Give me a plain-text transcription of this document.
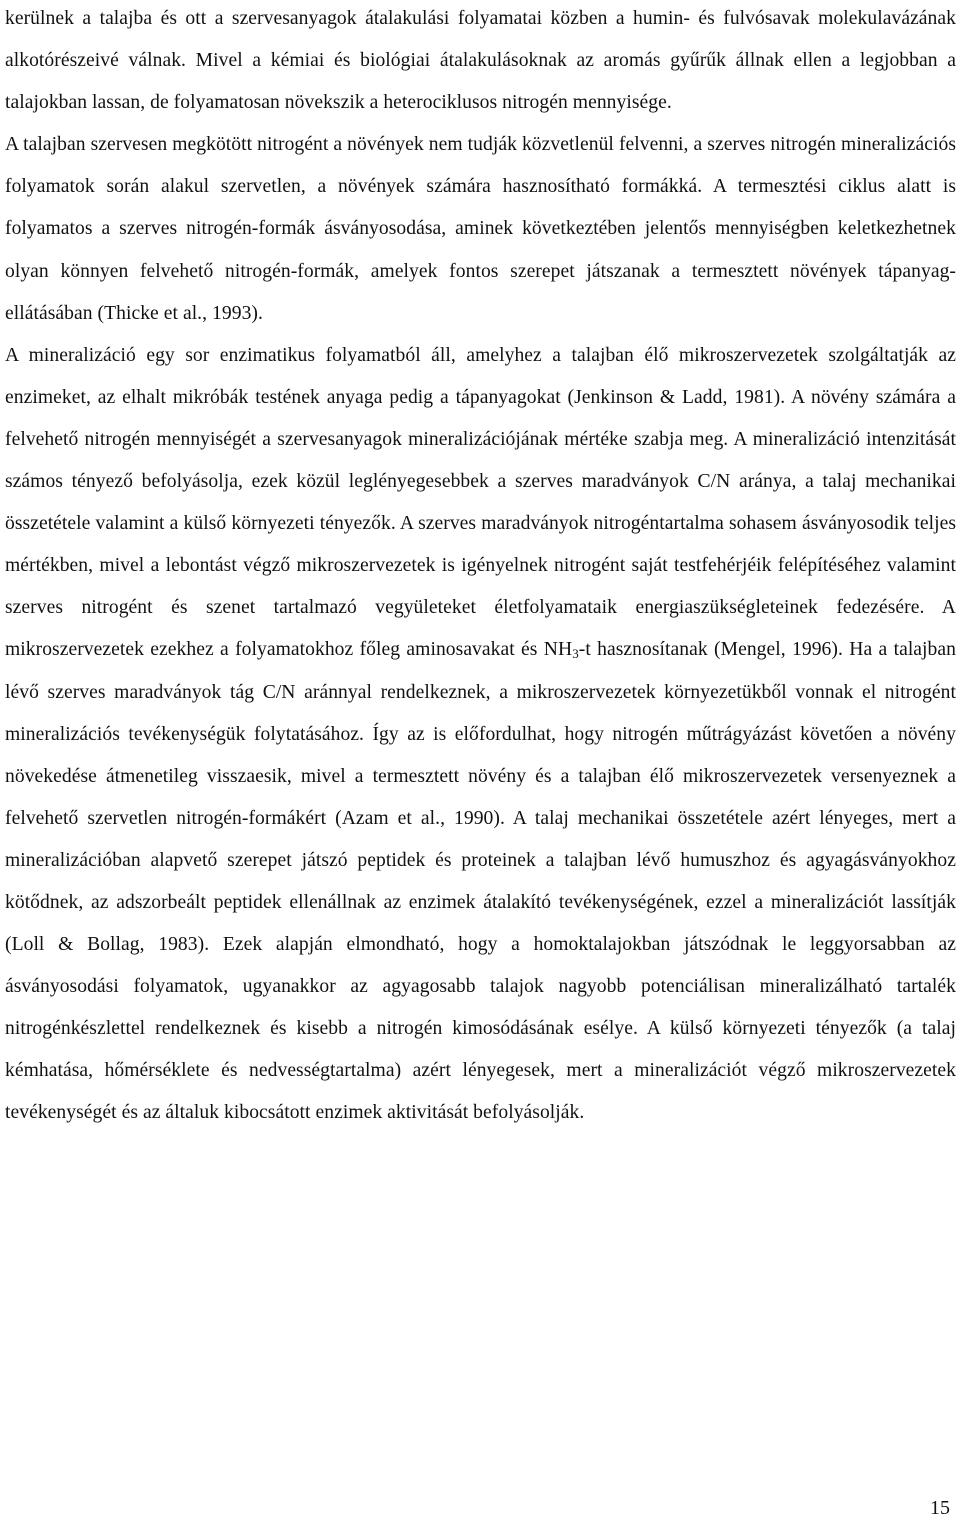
kerülnek a talajba és ott a szervesanyagok átalakulási folyamatai közben a humin- és fulvósavak molekulavázának alkotórészeivé válnak. Mivel a kémiai és biológiai átalakulásoknak az aromás gyűrűk állnak ellen a legjobban a talajokban lassan, de folyamatosan növekszik a heterociklusos nitrogén mennyisége.

A talajban szervesen megkötött nitrogént a növények nem tudják közvetlenül felvenni, a szerves nitrogén mineralizációs folyamatok során alakul szervetlen, a növények számára hasznosítható formákká. A termesztési ciklus alatt is folyamatos a szerves nitrogén-formák ásványosodása, aminek következtében jelentős mennyiségben keletkezhetnek olyan könnyen felvehető nitrogén-formák, amelyek fontos szerepet játszanak a termesztett növények tápanyag-ellátásában (Thicke et al., 1993).

A mineralizáció egy sor enzimatikus folyamatból áll, amelyhez a talajban élő mikroszervezetek szolgáltatják az enzimeket, az elhalt mikróbák testének anyaga pedig a tápanyagokat (Jenkinson & Ladd, 1981). A növény számára a felvehető nitrogén mennyiségét a szervesanyagok mineralizációjának mértéke szabja meg. A mineralizáció intenzitását számos tényező befolyásolja, ezek közül leglényegesebbek a szerves maradványok C/N aránya, a talaj mechanikai összetétele valamint a külső környezeti tényezők. A szerves maradványok nitrogéntartalma sohasem ásványosodik teljes mértékben, mivel a lebontást végző mikroszervezetek is igényelnek nitrogént saját testfehérjéik felépítéséhez valamint szerves nitrogént és szenet tartalmazó vegyületeket életfolyamataik energiaszükségleteinek fedezésére. A mikroszervezetek ezekhez a folyamatokhoz főleg aminosavakat és $NH_3-t$ hasznosítanak (Mengel, 1996). Ha a talajban lévő szerves maradványok tág C/N aránnyal rendelkeznek, a mikroszervezetek környezetükből vonnak el nitrogént mineralizációs tevékenységük folytatásához. Így az is előfordulhat, hogy nitrogén műtrágyázást követően a növény növekedése átmenetileg visszaesik, mivel a termesztett növény és a talajban élő mikroszervezetek versenyeznek a felvehető szervetlen nitrogén-formákért (Azam et al., 1990). A talaj mechanikai összetétele azért lényeges, mert a mineralizációban alapvető szerepet játszó peptidek és proteinek a talajban lévő humuszhoz és agyagásványokhoz kötődnek, az adszorbeált peptidek ellenállnak az enzimek átalakító tevékenységének, ezzel a mineralizációt lassítják (Loll & Bollag, 1983). Ezek alapján elmondható, hogy a homoktalajokban játszódnak le leggyorsabban az ásványosodási folyamatok, ugyanakkor az agyagosabb talajok nagyobb potenciálisan mineralizálható tartalék nitrogénkészlettel rendelkeznek és kisebb a nitrogén kimosódásának esélye. A külső környezeti tényezők (a talaj kémhatása, hőmérséklete és nedvességtartalma) azért lényegesek, mert a mineralizációt végző mikroszervezetek tevékenységét és az általuk kibocsátott enzimek aktivitását befolyásolják.

15
